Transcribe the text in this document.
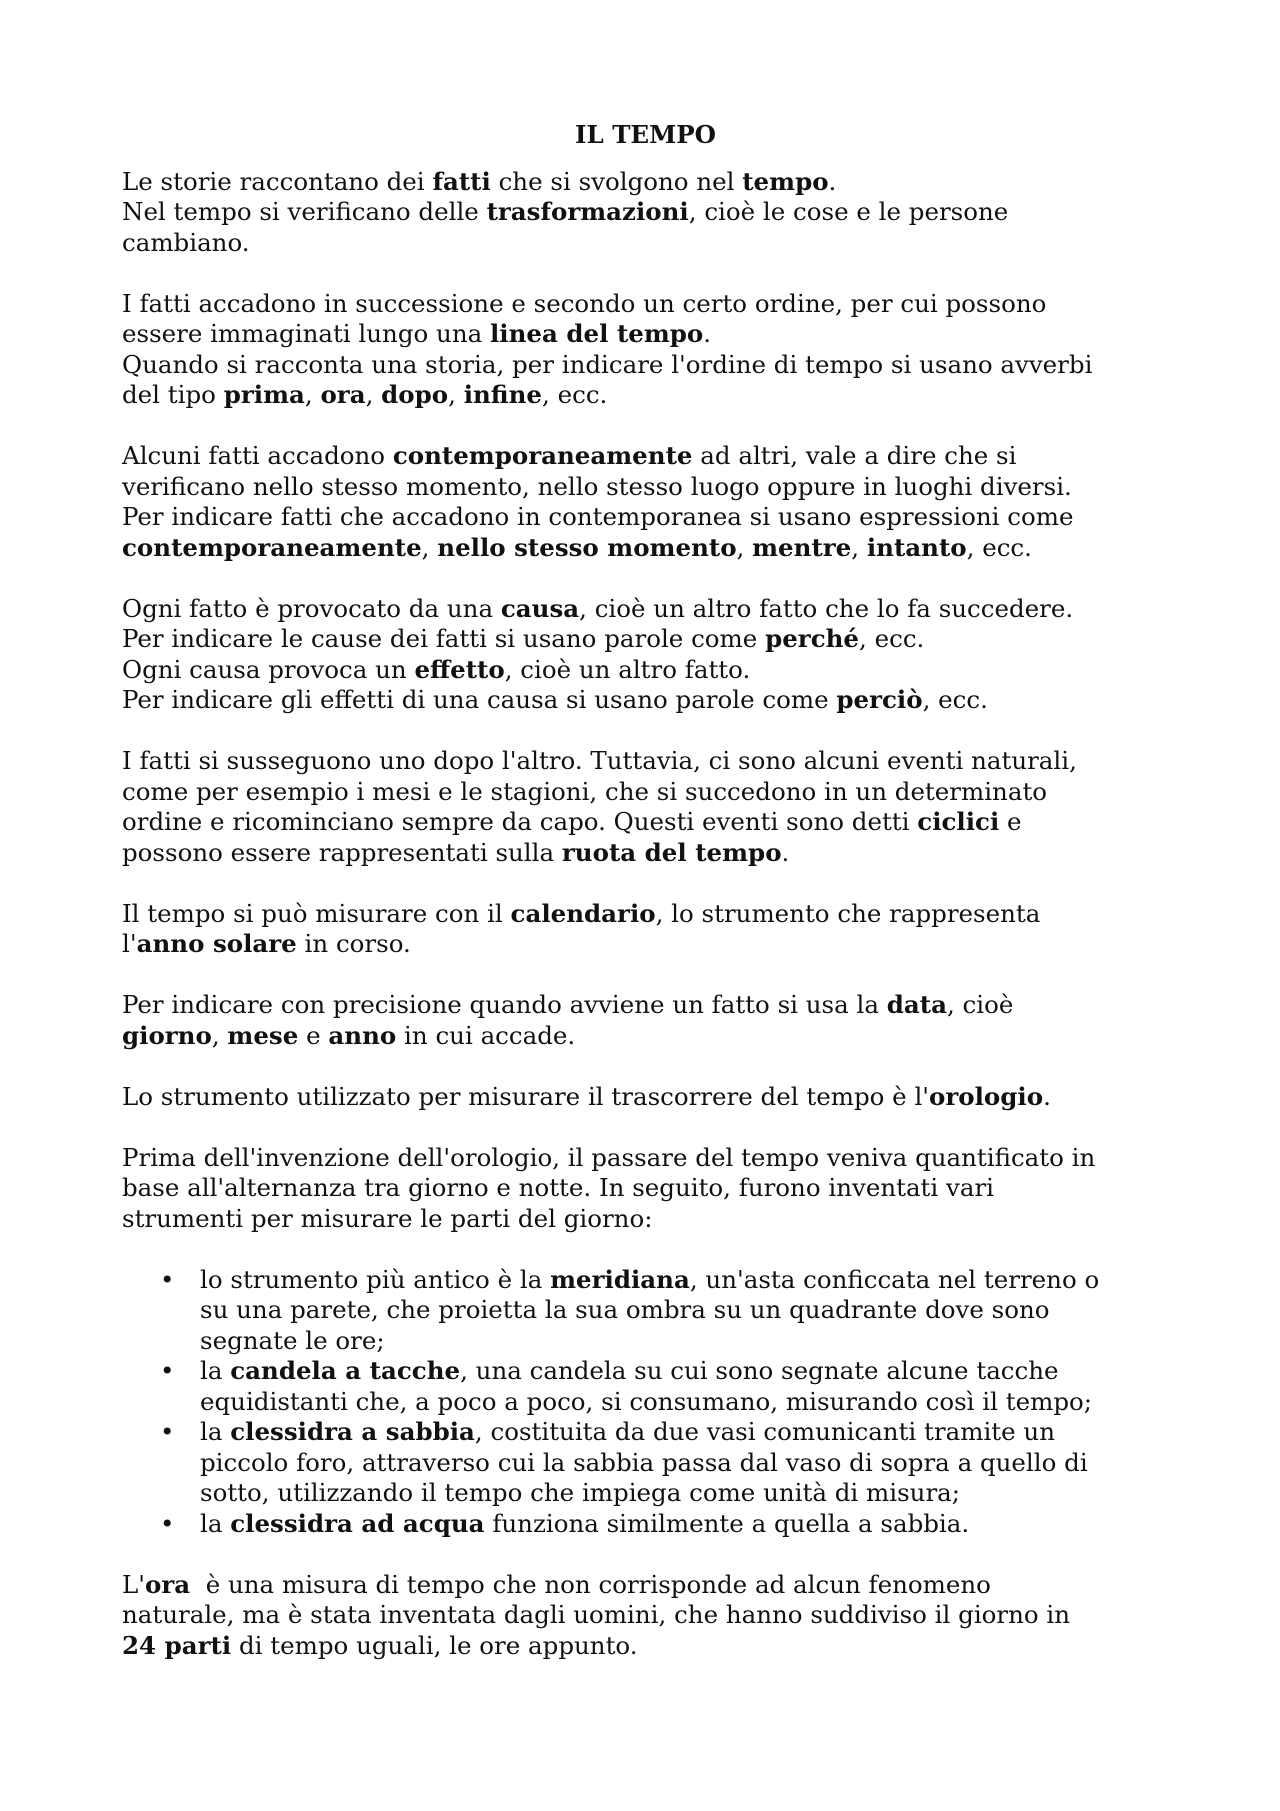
IL TEMPO
Le storie raccontano dei fatti che si svolgono nel tempo.
Nel tempo si verificano delle trasformazioni, cioè le cose e le persone
cambiano.
I fatti accadono in successione e secondo un certo ordine, per cui possono
essere immaginati lungo una linea del tempo.
Quando si racconta una storia, per indicare l'ordine di tempo si usano avverbi
del tipo prima, ora, dopo, infine, ecc.
Alcuni fatti accadono contemporaneamente ad altri, vale a dire che si
verificano nello stesso momento, nello stesso luogo oppure in luoghi diversi.
Per indicare fatti che accadono in contemporanea si usano espressioni come
contemporaneamente, nello stesso momento, mentre, intanto, ecc.
Ogni fatto è provocato da una causa, cioè un altro fatto che lo fa succedere.
Per indicare le cause dei fatti si usano parole come perché, ecc.
Ogni causa provoca un effetto, cioè un altro fatto.
Per indicare gli effetti di una causa si usano parole come perciò, ecc.
I fatti si susseguono uno dopo l'altro. Tuttavia, ci sono alcuni eventi naturali,
come per esempio i mesi e le stagioni, che si succedono in un determinato
ordine e ricominciano sempre da capo. Questi eventi sono detti ciclici e
possono essere rappresentati sulla ruota del tempo.
Il tempo si può misurare con il calendario, lo strumento che rappresenta
l'anno solare in corso.
Per indicare con precisione quando avviene un fatto si usa la data, cioè
giorno, mese e anno in cui accade.
Lo strumento utilizzato per misurare il trascorrere del tempo è l'orologio.
Prima dell'invenzione dell'orologio, il passare del tempo veniva quantificato in
base all'alternanza tra giorno e notte. In seguito, furono inventati vari
strumenti per misurare le parti del giorno:
• lo strumento più antico è la meridiana, un'asta conficcata nel terreno o
su una parete, che proietta la sua ombra su un quadrante dove sono
segnate le ore;
• la candela a tacche, una candela su cui sono segnate alcune tacche
equidistanti che, a poco a poco, si consumano, misurando così il tempo;
• la clessidra a sabbia, costituita da due vasi comunicanti tramite un
piccolo foro, attraverso cui la sabbia passa dal vaso di sopra a quello di
sotto, utilizzando il tempo che impiega come unità di misura;
• la clessidra ad acqua funziona similmente a quella a sabbia.
L'ora  è una misura di tempo che non corrisponde ad alcun fenomeno
naturale, ma è stata inventata dagli uomini, che hanno suddiviso il giorno in
24 parti di tempo uguali, le ore appunto.
